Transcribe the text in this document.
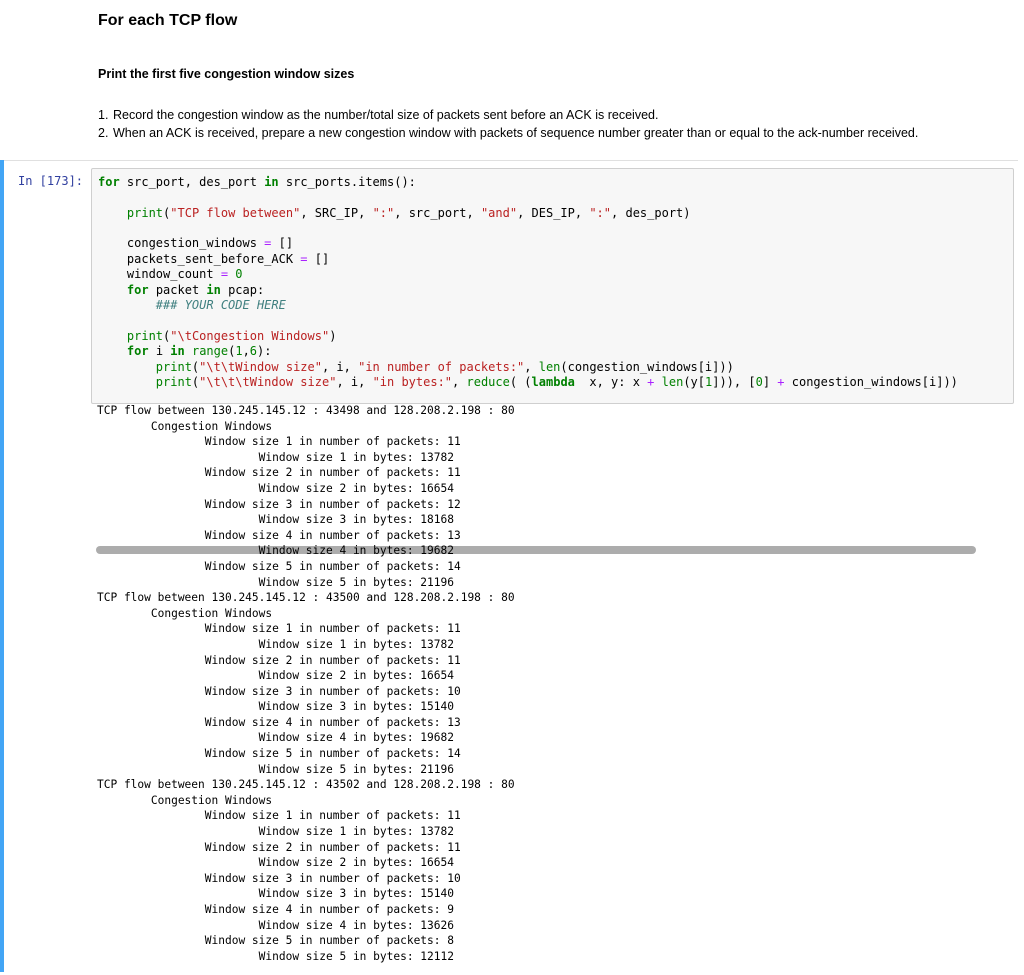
For each TCP flow
Print the first five congestion window sizes
1. Record the congestion window as the number/total size of packets sent before an ACK is received.
2. When an ACK is received, prepare a new congestion window with packets of sequence number greater than or equal to the ack-number received.
In [173]: for src_port, des_port in src_ports.items():
print("TCP flow between", SRC_IP, ":", src_port, "and", DES_IP, ":", des_port)
congestion_windows = []
packets_sent_before_ACK = []
window_count = 0
for packet in pcap:
### YOUR CODE HERE
print("\tCongestion Windows")
for i in range(1,6):
print("\t\tWindow size", i, "in number of packets:", len(congestion_windows[i]))
print("\t\t\tWindow size", i, "in bytes:", reduce( (lambda  x, y: x + len(y[1])), [0] + congestion_windows[i]))
TCP flow between 130.245.145.12 : 43498 and 128.208.2.198 : 80
Congestion Windows
Window size 1 in number of packets: 11
Window size 1 in bytes: 13782
Window size 2 in number of packets: 11
Window size 2 in bytes: 16654
Window size 3 in number of packets: 12
Window size 3 in bytes: 18168
Window size 4 in number of packets: 13
Window size 4 in bytes: 19682
Window size 5 in number of packets: 14
Window size 5 in bytes: 21196
TCP flow between 130.245.145.12 : 43500 and 128.208.2.198 : 80
Congestion Windows
Window size 1 in number of packets: 11
Window size 1 in bytes: 13782
Window size 2 in number of packets: 11
Window size 2 in bytes: 16654
Window size 3 in number of packets: 10
Window size 3 in bytes: 15140
Window size 4 in number of packets: 13
Window size 4 in bytes: 19682
Window size 5 in number of packets: 14
Window size 5 in bytes: 21196
TCP flow between 130.245.145.12 : 43502 and 128.208.2.198 : 80
Congestion Windows
Window size 1 in number of packets: 11
Window size 1 in bytes: 13782
Window size 2 in number of packets: 11
Window size 2 in bytes: 16654
Window size 3 in number of packets: 10
Window size 3 in bytes: 15140
Window size 4 in number of packets: 9
Window size 4 in bytes: 13626
Window size 5 in number of packets: 8
Window size 5 in bytes: 12112
